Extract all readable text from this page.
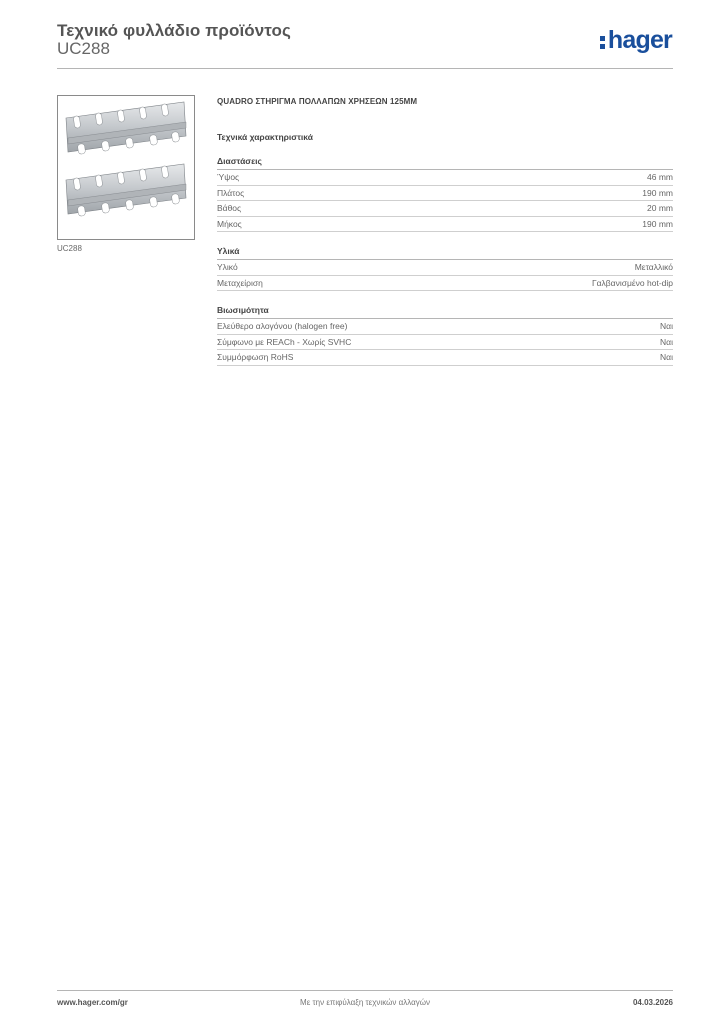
Τεχνικό φυλλάδιο προϊόντος
UC288	hager
UC288
QUADRO ΣΤΗΡΙΓΜΑ ΠΟΛΛΑΠΩΝ ΧΡΗΣΕΩΝ 125ΜΜ
Τεχνικά χαρακτηριστικά
Διαστάσεις
Ύψος	46 mm
Πλάτος	190 mm
Βάθος	20 mm
Μήκος	190 mm
Υλικά
Υλικό	Μεταλλικό
Μεταχείριση	Γαλβανισμένο hot-dip
Βιωσιμότητα
Ελεύθερο αλογόνου (halogen free)	Ναι
Σύμφωνο με REACh - Χωρίς SVHC	Ναι
Συμμόρφωση RoHS	Ναι
www.hager.com/gr	Με την επιφύλαξη τεχνικών αλλαγών	04.03.2026
